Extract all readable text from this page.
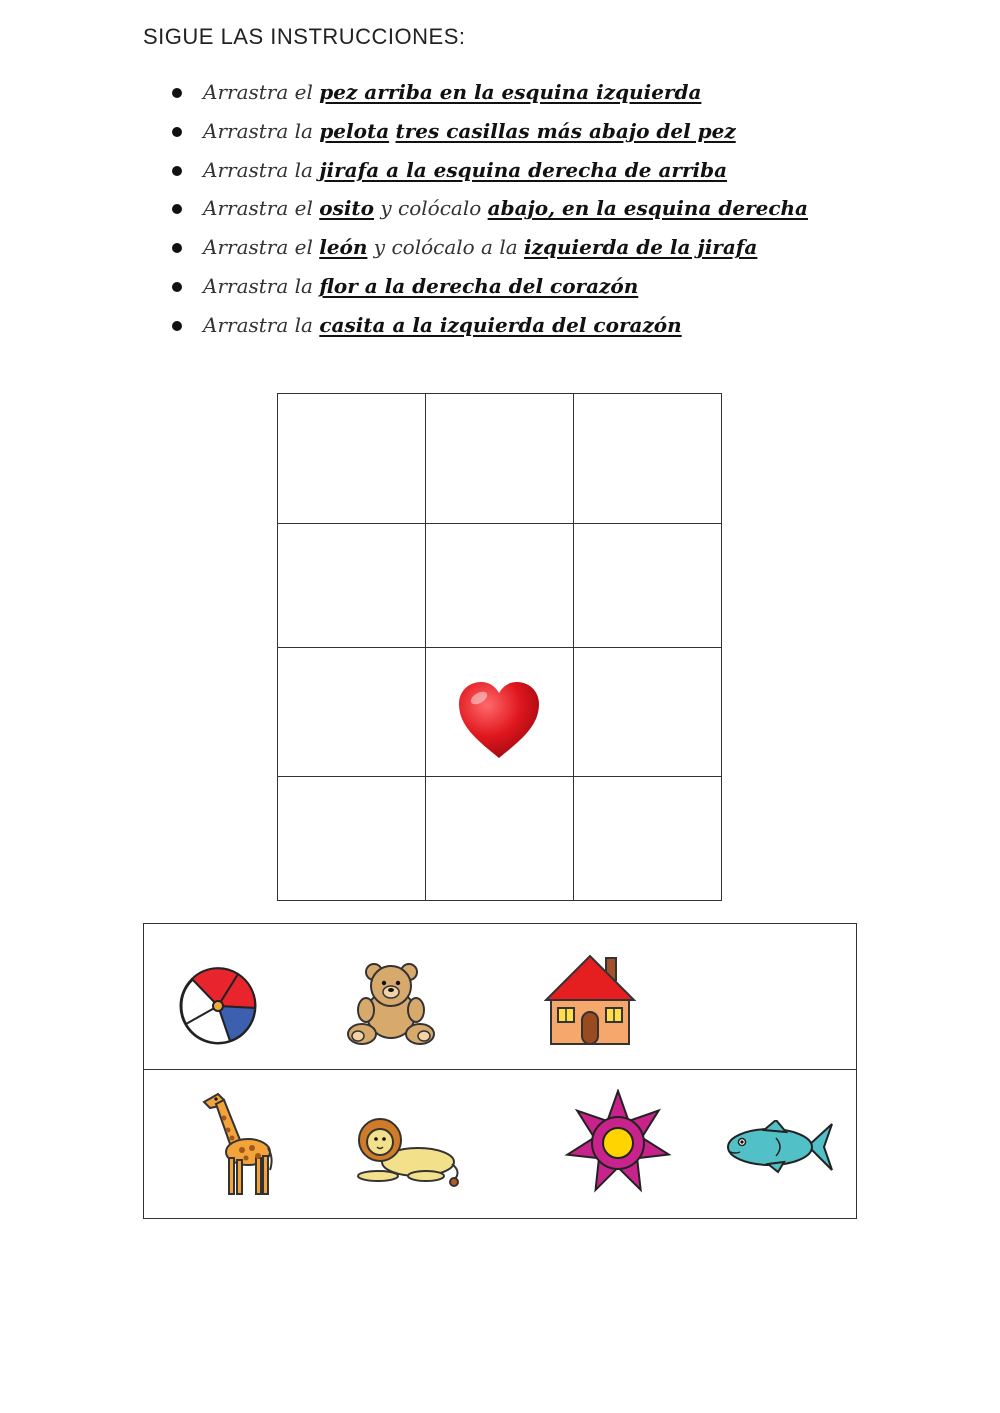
SIGUE LAS INSTRUCCIONES:
Arrastra el pez arriba en la esquina izquierda
Arrastra la pelota tres casillas más abajo del pez
Arrastra la jirafa a la esquina derecha de arriba
Arrastra el osito y colócalo abajo, en la esquina derecha
Arrastra el león y colócalo a la izquierda de la jirafa
Arrastra la flor a la derecha del corazón
Arrastra la casita a la izquierda del corazón
